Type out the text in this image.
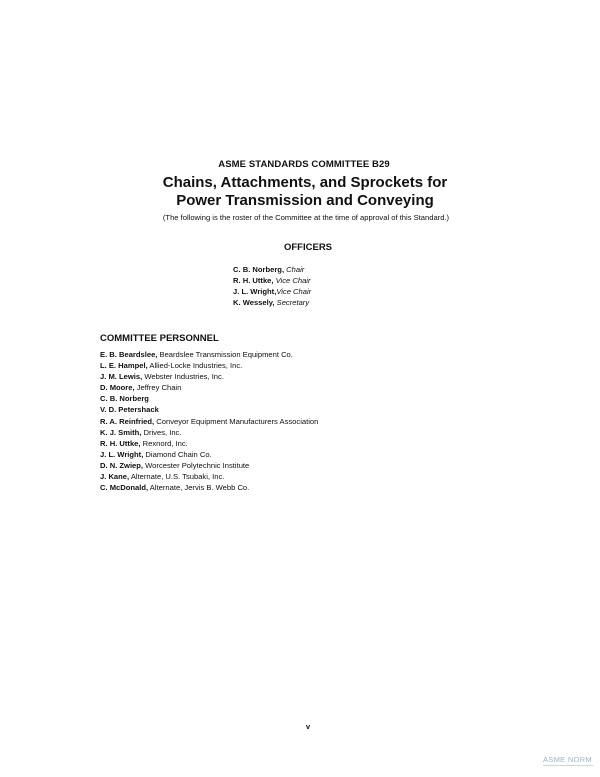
ASME STANDARDS COMMITTEE B29
Chains, Attachments, and Sprockets for
Power Transmission and Conveying
(The following is the roster of the Committee at the time of approval of this Standard.)
OFFICERS
C. B. Norberg, Chair
R. H. Uttke, Vice Chair
J. L. Wright,Vice Chair
K. Wessely, Secretary
COMMITTEE PERSONNEL
E. B. Beardslee, Beardslee Transmission Equipment Co.
L. E. Hampel, Allied-Locke Industries, Inc.
J. M. Lewis, Webster Industries, Inc.
D. Moore, Jeffrey Chain
C. B. Norberg
V. D. Petershack
R. A. Reinfried, Conveyor Equipment Manufacturers Association
K. J. Smith, Drives, Inc.
R. H. Uttke, Rexnord, Inc.
J. L. Wright, Diamond Chain Co.
D. N. Zwiep, Worcester Polytechnic Institute
J. Kane, Alternate, U.S. Tsubaki, Inc.
C. McDonald, Alternate, Jervis B. Webb Co.
v
ASME NORM
